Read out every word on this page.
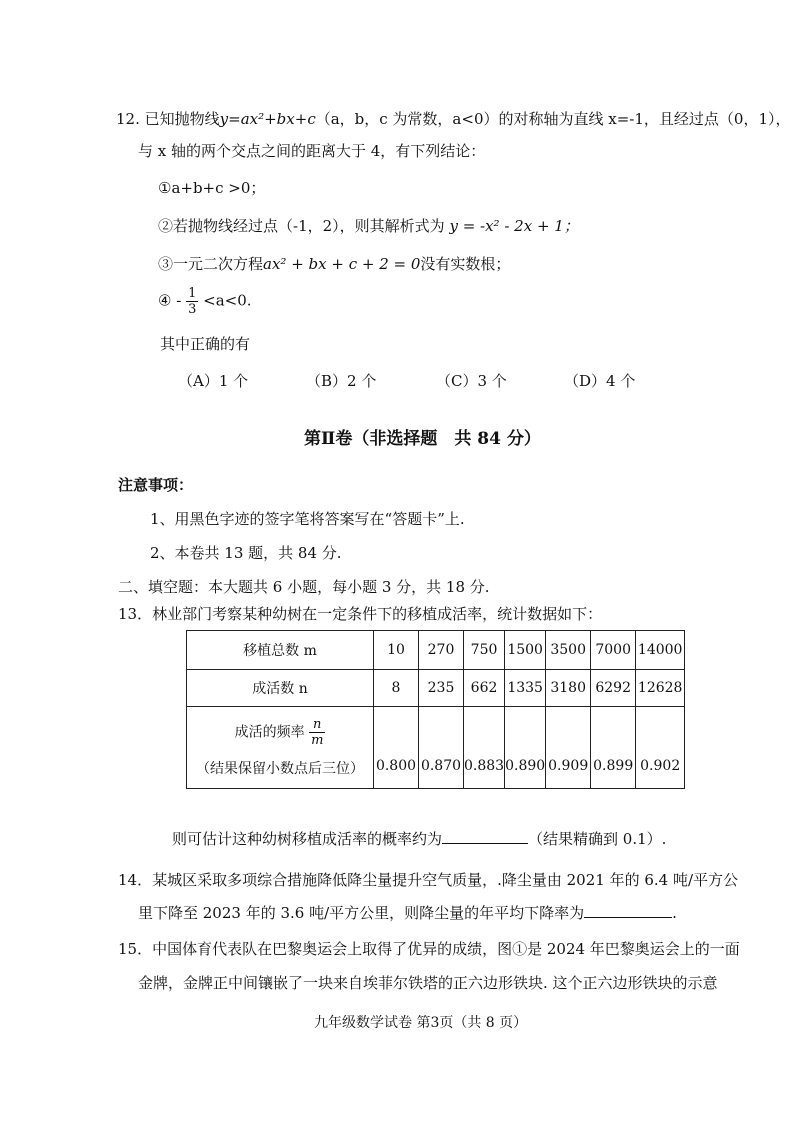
12. 已知抛物线y=ax²+bx+c（a，b，c 为常数，a<0）的对称轴为直线 x=-1，且经过点（0，1），
与 x 轴的两个交点之间的距离大于 4，有下列结论：
①a+b+c >0；
②若抛物线经过点（-1，2），则其解析式为 y = -x² - 2x + 1；
③一元二次方程ax² + bx + c + 2 = 0没有实数根；
④ - $\frac{1}{3} <a<0$.
其中正确的有
（A）1 个	（B）2 个	（C）3 个	（D）4 个
第Ⅱ卷（非选择题　共 84 分）
注意事项：
1、用黑色字迹的签字笔将答案写在“答题卡”上.
2、本卷共 13 题，共 84 分.
二、填空题：本大题共 6 小题，每小题 3 分，共 18 分.
13．林业部门考察某种幼树在一定条件下的移植成活率，统计数据如下：
移植总数 m	10	270	750	1500	3500	7000	14000
成活数 n	8	235	662	1335	3180	6292	12628

成活的频率 $\frac{n}{m}$
（结果保留小数点后三位）	0.800	0.870	0.883	0.890	0.909	0.899	0.902
则可估计这种幼树移植成活率的概率约为	（结果精确到 0.1）.
14．某城区采取多项综合措施降低降尘量提升空气质量，.降尘量由 2021 年的 6.4 吨/平方公
里下降至 2023 年的 3.6 吨/平方公里，则降尘量的年平均下降率为	.
15．中国体育代表队在巴黎奥运会上取得了优异的成绩，图①是 2024 年巴黎奥运会上的一面
金牌，金牌正中间镶嵌了一块来自埃菲尔铁塔的正六边形铁块. 这个正六边形铁块的示意
九年级数学试卷 第3页（共 8 页）
